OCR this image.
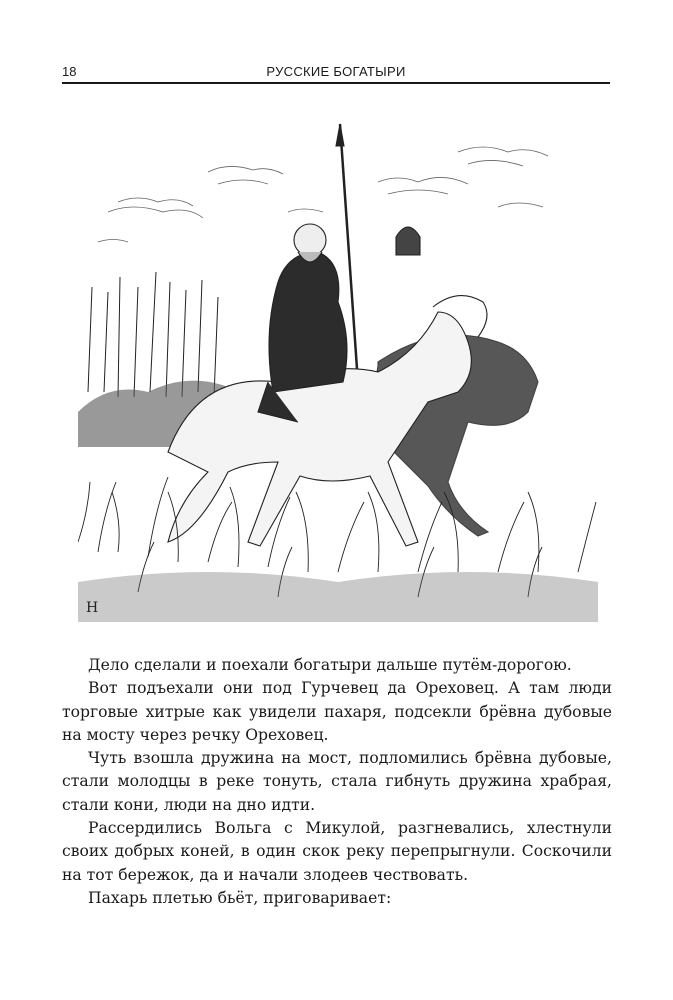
18	РУССКИЕ БОГАТЫРИ
Н

Дело сделали и поехали богатыри дальше путём-дорогою.

Вот подъехали они под Гурчевец да Ореховец. А там люди торговые хитрые как увидели пахаря, подсекли брёвна дубовые на мосту через речку Ореховец.

Чуть взошла дружина на мост, подломились брёвна дубовые, стали молодцы в реке тонуть, стала гибнуть дружина храбрая, стали кони, люди на дно идти.

Рассердились Вольга с Микулой, разгневались, хлестнули своих добрых коней, в один скок реку перепрыгнули. Соскочили на тот бережок, да и начали злодеев чествовать.

Пахарь плетью бьёт, приговаривает:
